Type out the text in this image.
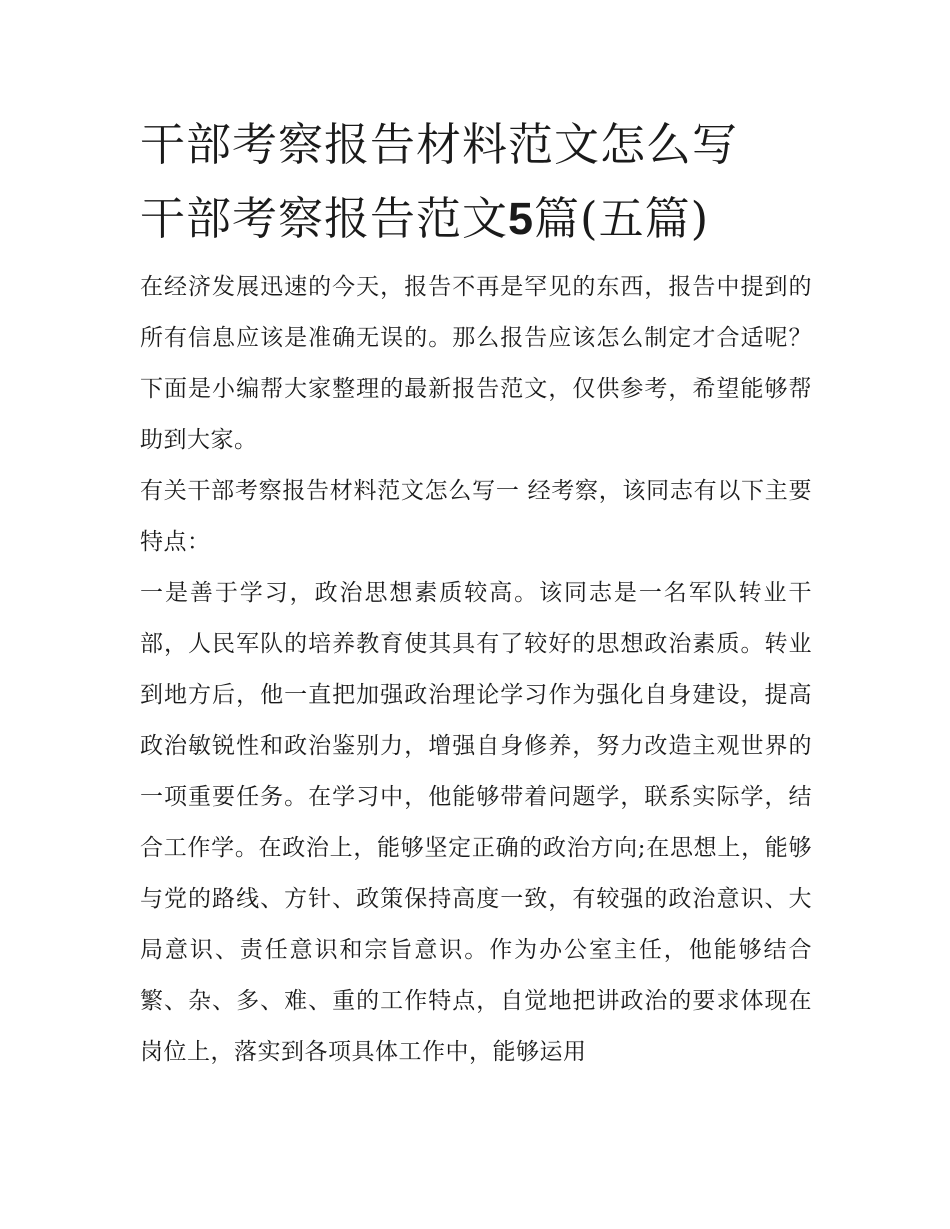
干部考察报告材料范文怎么写
干部考察报告范文5篇(五篇)

在经济发展迅速的今天，报告不再是罕见的东西，报告中提到的所有信息应该是准确无误的。那么报告应该怎么制定才合适呢？下面是小编帮大家整理的最新报告范文，仅供参考，希望能够帮助到大家。

有关干部考察报告材料范文怎么写一 经考察，该同志有以下主要特点：

一是善于学习，政治思想素质较高。该同志是一名军队转业干部，人民军队的培养教育使其具有了较好的思想政治素质。转业到地方后，他一直把加强政治理论学习作为强化自身建设，提高政治敏锐性和政治鉴别力，增强自身修养，努力改造主观世界的一项重要任务。在学习中，他能够带着问题学，联系实际学，结合工作学。在政治上，能够坚定正确的政治方向;在思想上，能够与党的路线、方针、政策保持高度一致，有较强的政治意识、大局意识、责任意识和宗旨意识。作为办公室主任，他能够结合繁、杂、多、难、重的工作特点，自觉地把讲政治的要求体现在岗位上，落实到各项具体工作中，能够运用
